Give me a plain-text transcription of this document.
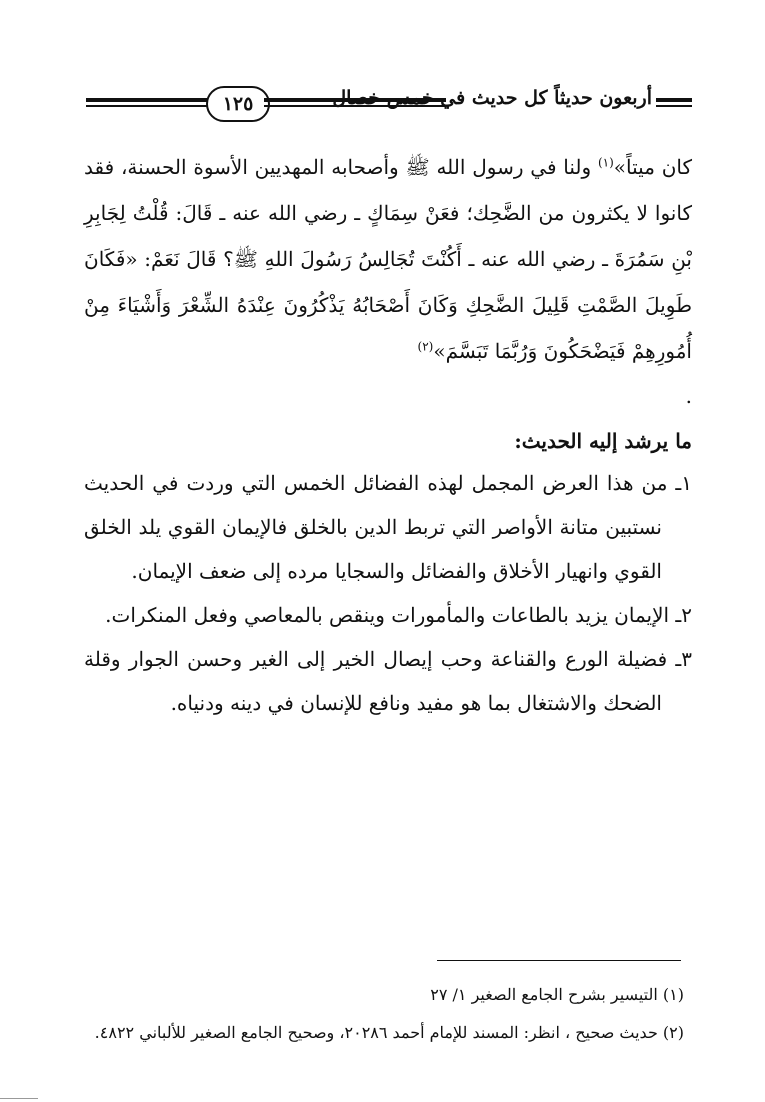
١٢٥	أربعون حديثاً كل حديث في خمس خصال

كان ميتاً»$^{(١)}$ ولنا في رسول الله ﷺ وأصحابه المهديين الأسوة الحسنة، فقد كانوا لا يكثرون من الضَّحِك؛ فعَنْ سِمَاكٍ ـ رضي الله عنه ـ قَالَ: قُلْتُ لِجَابِرِ بْنِ سَمُرَةَ ـ رضي الله عنه ـ أَكُنْتَ تُجَالِسُ رَسُولَ اللهِ ﷺ؟ قَالَ نَعَمْ: «فَكَانَ طَوِيلَ الصَّمْتِ قَلِيلَ الضَّحِكِ وَكَانَ أَصْحَابُهُ يَذْكُرُونَ عِنْدَهُ الشِّعْرَ وَأَشْيَاءَ مِنْ أُمُورِهِمْ فَيَضْحَكُونَ وَرُبَّمَا تَبَسَّمَ»$^{(٢)}$

.
ما يرشد إليه الحديث:

١ـ من هذا العرض المجمل لهذه الفضائل الخمس التي وردت في الحديث نستبين متانة الأواصر التي تربط الدين بالخلق فالإيمان القوي يلد الخلق القوي وانهيار الأخلاق والفضائل والسجايا مرده إلى ضعف الإيمان.

٢ـ الإيمان يزيد بالطاعات والمأمورات وينقص بالمعاصي وفعل المنكرات.

٣ـ فضيلة الورع والقناعة وحب إيصال الخير إلى الغير وحسن الجوار وقلة الضحك والاشتغال بما هو مفيد ونافع للإنسان في دينه ودنياه.

(١) التيسير بشرح الجامع الصغير ١/ ٢٧

(٢) حديث صحيح ، انظر: المسند للإمام أحمد ٢٠٢٨٦، وصحيح الجامع الصغير للألباني ٤٨٢٢.
